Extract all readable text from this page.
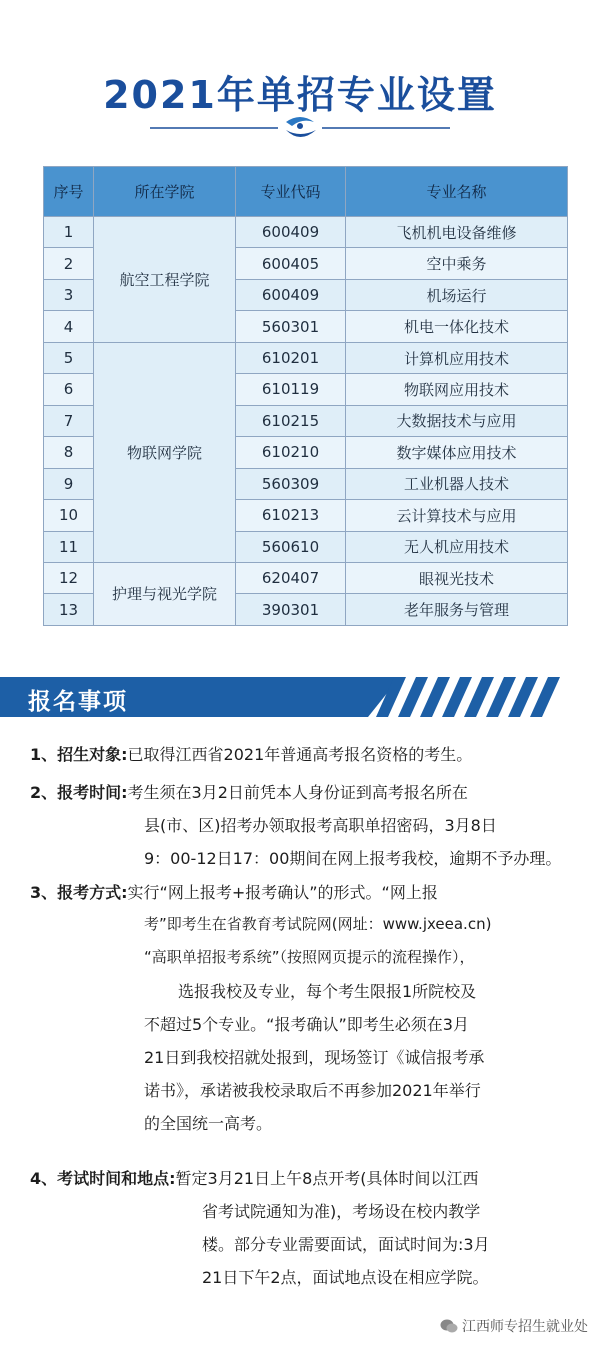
2021年单招专业设置
序号	所在学院	专业代码	专业名称
1	航空工程学院	600409	飞机机电设备维修
2		600405	空中乘务
3		600409	机场运行
4		560301	机电一体化技术
5	物联网学院	610201	计算机应用技术
6		610119	物联网应用技术
7		610215	大数据技术与应用
8		610210	数字媒体应用技术
9		560309	工业机器人技术
10		610213	云计算技术与应用
11		560610	无人机应用技术
12	护理与视光学院	620407	眼视光技术
13		390301	老年服务与管理
报名事项
1、招生对象:已取得江西省2021年普通高考报名资格的考生。
2、报考时间:考生须在3月2日前凭本人身份证到高考报名所在
县(市、区)招考办领取报考高职单招密码，3月8日
9：00-12日17：00期间在网上报考我校，逾期不予办理。
3、报考方式:实行“网上报考+报考确认”的形式。“网上报
考”即考生在省教育考试院网(网址：www.jxeea.cn)
“高职单招报考系统”（按照网页提示的流程操作），
选报我校及专业，每个考生限报1所院校及
不超过5个专业。“报考确认”即考生必须在3月
21日到我校招就处报到，现场签订《诚信报考承
诺书》，承诺被我校录取后不再参加2021年举行
的全国统一高考。
4、考试时间和地点:暂定3月21日上午8点开考(具体时间以江西
省考试院通知为准)，考场设在校内教学
楼。部分专业需要面试，面试时间为:3月
21日下午2点，面试地点设在相应学院。
江西师专招生就业处
